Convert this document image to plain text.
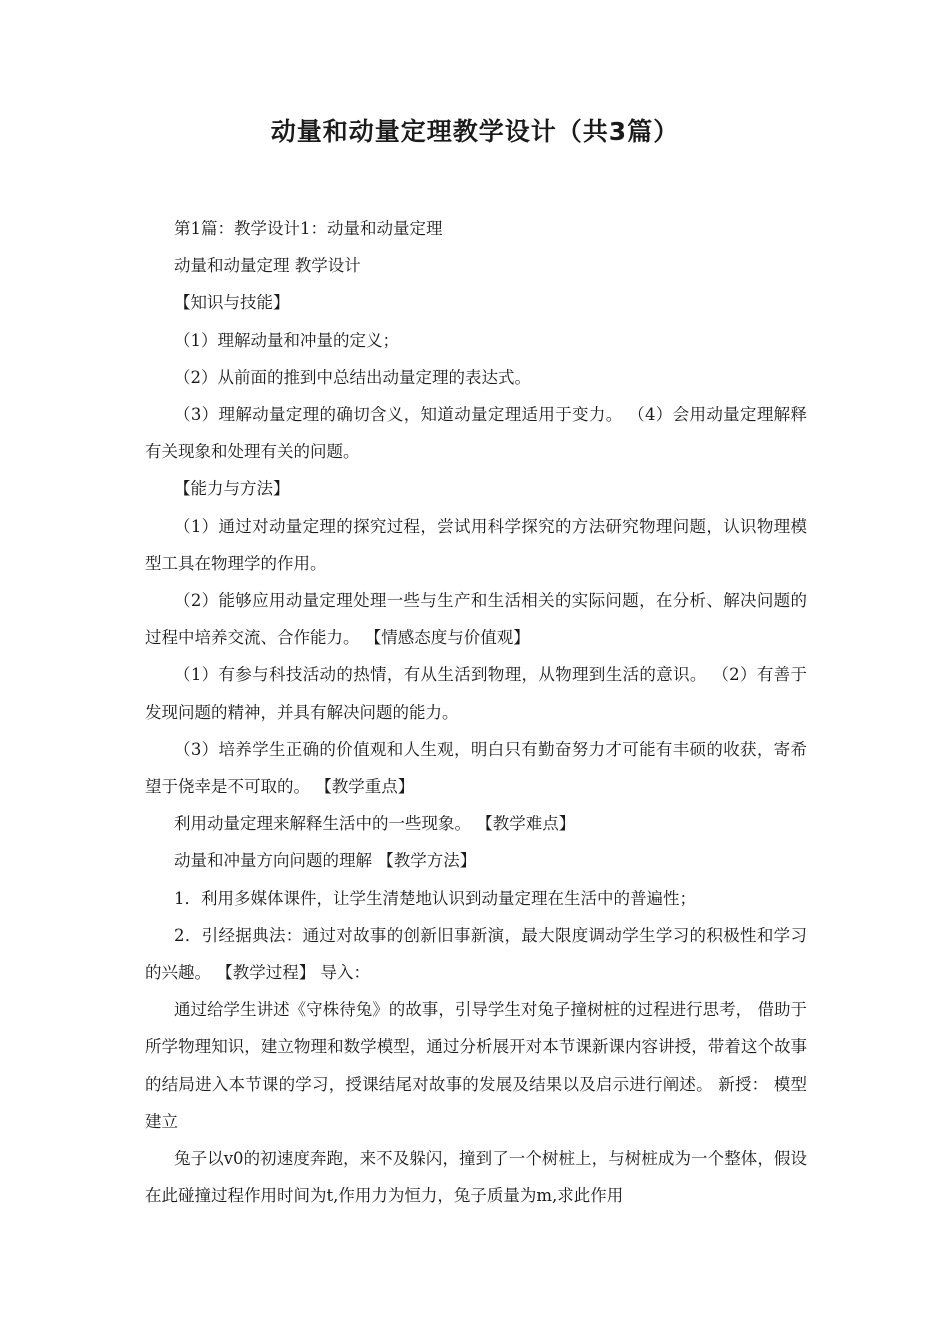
动量和动量定理教学设计（共3篇）

第1篇：教学设计1：动量和动量定理

动量和动量定理 教学设计

【知识与技能】

（1）理解动量和冲量的定义；

（2）从前面的推到中总结出动量定理的表达式。

（3）理解动量定理的确切含义，知道动量定理适用于变力。 （4）会用动量定理解释有关现象和处理有关的问题。

【能力与方法】

（1）通过对动量定理的探究过程，尝试用科学探究的方法研究物理问题，认识物理模型工具在物理学的作用。

（2）能够应用动量定理处理一些与生产和生活相关的实际问题，在分析、解决问题的过程中培养交流、合作能力。 【情感态度与价值观】

（1）有参与科技活动的热情，有从生活到物理，从物理到生活的意识。 （2）有善于发现问题的精神，并具有解决问题的能力。

（3）培养学生正确的价值观和人生观，明白只有勤奋努力才可能有丰硕的收获，寄希望于侥幸是不可取的。 【教学重点】

利用动量定理来解释生活中的一些现象。 【教学难点】

动量和冲量方向问题的理解 【教学方法】

1．利用多媒体课件，让学生清楚地认识到动量定理在生活中的普遍性；

2．引经据典法：通过对故事的创新旧事新演，最大限度调动学生学习的积极性和学习的兴趣。 【教学过程】 导入：

通过给学生讲述《守株待兔》的故事，引导学生对兔子撞树桩的过程进行思考， 借助于所学物理知识，建立物理和数学模型，通过分析展开对本节课新课内容讲授，带着这个故事的结局进入本节课的学习，授课结尾对故事的发展及结果以及启示进行阐述。 新授： 模型建立

兔子以v0的初速度奔跑，来不及躲闪，撞到了一个树桩上，与树桩成为一个整体，假设在此碰撞过程作用时间为t,作用力为恒力，兔子质量为m,求此作用
